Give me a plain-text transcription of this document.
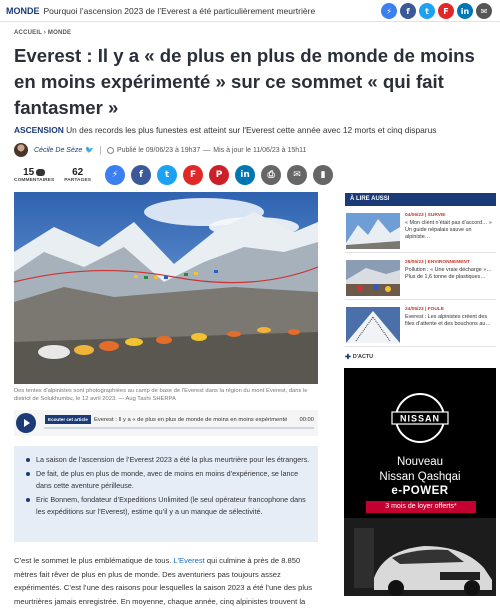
MONDE Pourquoi l’ascension 2023 de l’Everest a été particulièrement meurtrière	⚡	f	t	F	in	✉
ACCUEIL › MONDE
Everest : Il y a « de plus en plus de monde de moins en moins expérimenté » sur ce sommet « qui fait fantasmer »
ASCENSION Un des records les plus funestes est atteint sur l'Everest cette année avec 12 morts et cinq disparus
Cécile De Sèze 🐦	Publié le 09/06/23 à 19h37 — Mis à jour le 11/06/23 à 15h11
15
COMMENTAIRES
62
PARTAGES
⚡	f	t	F	P	in	⎙	✉	▮
Des tentes d'alpinistes sont photographiées au camp de base de l'Everest dans la région du mont Everest, dans le district de Solukhumbu, le 12 avril 2023. — Aug Tashi SHERPA
Ecouter cet article	Everest : Il y a « de plus en plus de monde de moins en moins expérimenté 00:00
La saison de l’ascension de l’Everest 2023 a été la plus meurtrière pour les étrangers.
De fait, de plus en plus de monde, avec de moins en moins d’expérience, se lance dans cette aventure périlleuse.
Eric Bonnem, fondateur d’Expeditions Unlimited (le seul opérateur francophone dans les expéditions sur l’Everest), estime qu’il y a un manque de sélectivité.
C’est le sommet le plus emblématique de tous. L’Everest qui culmine à près de 8.850 mètres fait rêver de plus en plus de monde. Des aventuriers pas toujours assez expérimentés. C’est l’une des raisons pour lesquelles la saison 2023 a été l’une des plus meurtrières jamais enregistrée. En moyenne, chaque année, cinq alpinistes trouvent la
À LIRE AUSSI
04/06/23 | SURVIE
« Mon client n’était pas d’accord… » Un guide népalais sauve un alpiniste…
29/05/23 | ENVIRONNEMENT
Pollution : « Une vraie décharge »… Plus de 1,6 tonne de plastiques…
24/05/23 | FOULE
Everest : Les alpinistes créent des files d’attente et des bouchons au…
✚ D'ACTU
NISSAN
Nouveau
Nissan Qashqai
e-POWER
3 mois de loyer offerts*
